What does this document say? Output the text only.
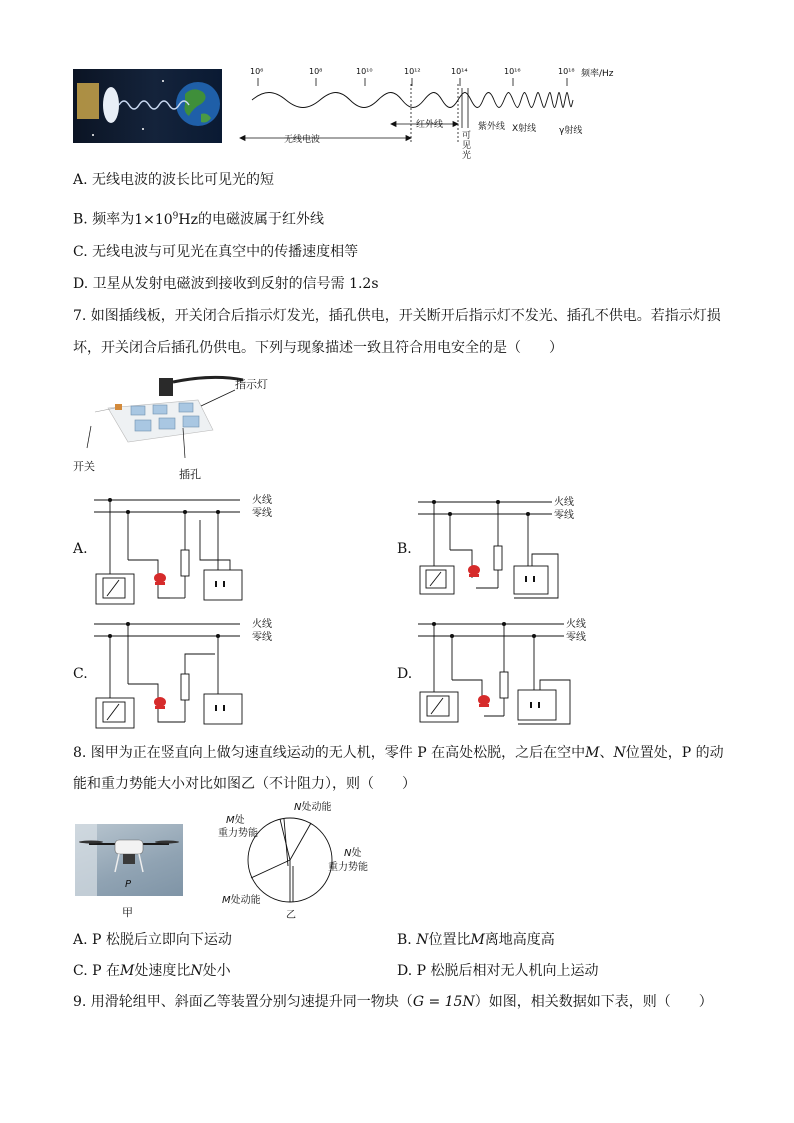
10⁶	10⁸	10¹⁰	10¹²	10¹⁴	10¹⁶	10¹⁸ 频率/Hz
无线电波
红外线
可
见
光
紫外线 X射线	γ射线
A. 无线电波的波长比可见光的短
B. 频率为$1\times 10^9Hz$的电磁波属于红外线
C. 无线电波与可见光在真空中的传播速度相等
D. 卫星从发射电磁波到接收到反射的信号需 1.2s
7. 如图插线板，开关闭合后指示灯发光，插孔供电，开关断开后指示灯不发光、插孔不供电。若指示灯损
坏，开关闭合后插孔仍供电。下列与现象描述一致且符合用电安全的是（　　）
指示灯
开关
插孔
A.
火线
零线
B.
火线
零线
C.
火线
零线
D.
火线
零线
8. 图甲为正在竖直向上做匀速直线运动的无人机，零件 P 在高处松脱，之后在空中M、N位置处，P 的动
能和重力势能大小对比如图乙（不计阻力），则（　　）
P
甲
N处动能
M处
重力势能
N处
重力势能
M处动能
乙
A. P 松脱后立即向下运动	B. N位置比M离地高度高
C. P 在M处速度比N处小	D. P 松脱后相对无人机向上运动
9. 用滑轮组甲、斜面乙等装置分别匀速提升同一物块（G = 15N）如图，相关数据如下表，则（　　）
